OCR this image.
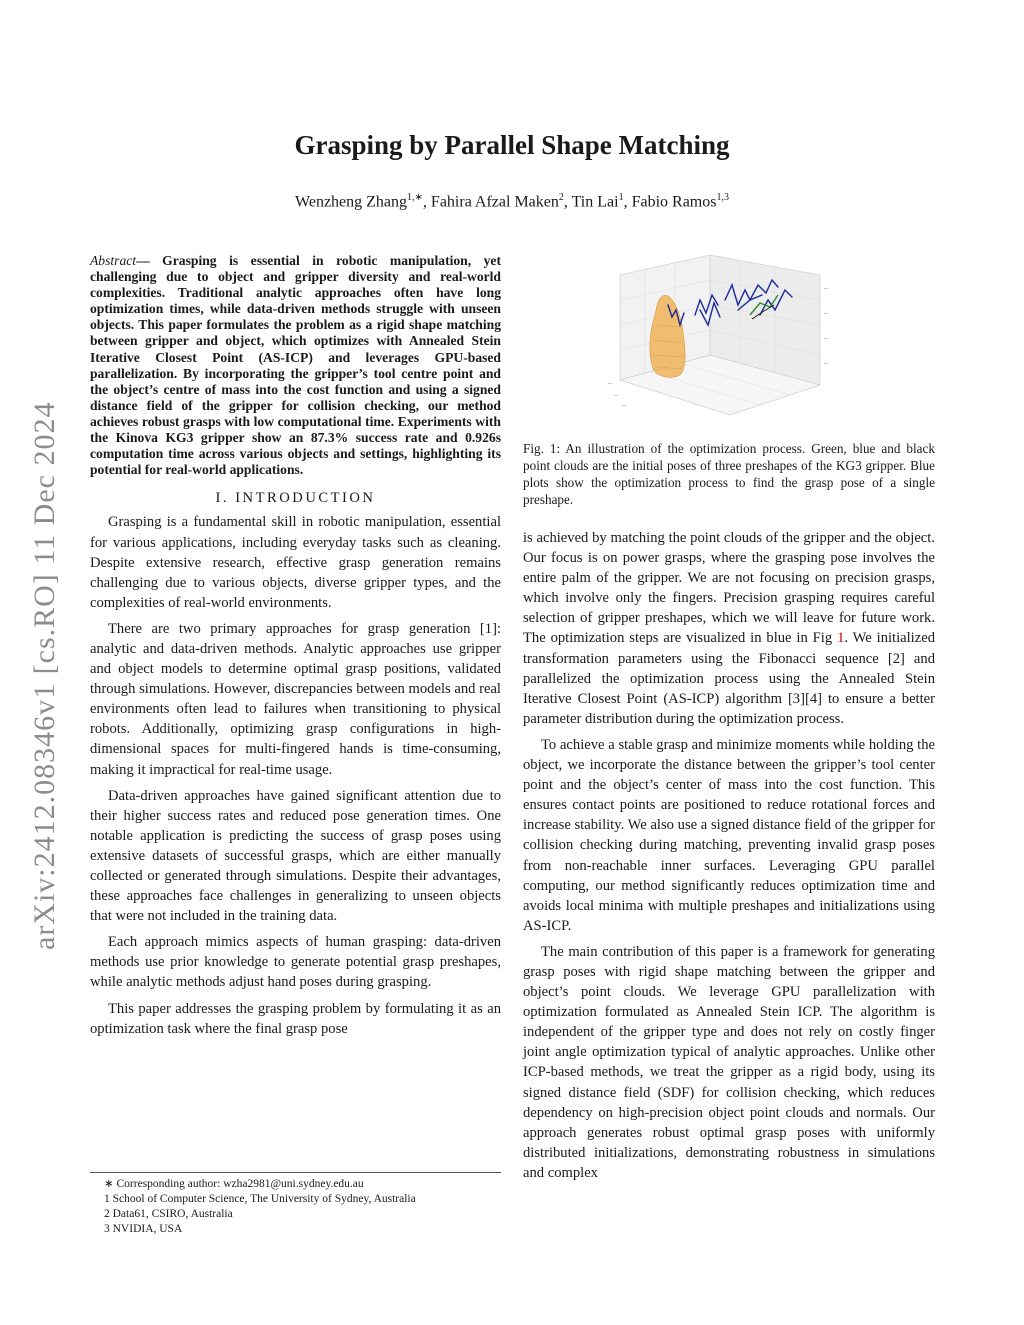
arXiv:2412.08346v1 [cs.RO] 11 Dec 2024
Grasping by Parallel Shape Matching
Wenzheng Zhang$^{1,∗}$, Fahira Afzal Maken$^2$, Tin Lai$^1$, Fabio Ramos$^{1,3}$
Abstract— Grasping is essential in robotic manipulation, yet challenging due to object and gripper diversity and real-world complexities. Traditional analytic approaches often have long optimization times, while data-driven methods struggle with unseen objects. This paper formulates the problem as a rigid shape matching between gripper and object, which optimizes with Annealed Stein Iterative Closest Point (AS-ICP) and leverages GPU-based parallelization. By incorporating the gripper’s tool centre point and the object’s centre of mass into the cost function and using a signed distance field of the gripper for collision checking, our method achieves robust grasps with low computational time. Experiments with the Kinova KG3 gripper show an 87.3% success rate and 0.926s computation time across various objects and settings, highlighting its potential for real-world applications.
I. INTRODUCTION

Grasping is a fundamental skill in robotic manipulation, essential for various applications, including everyday tasks such as cleaning. Despite extensive research, effective grasp generation remains challenging due to various objects, diverse gripper types, and the complexities of real-world environments.

There are two primary approaches for grasp generation [1]: analytic and data-driven methods. Analytic approaches use gripper and object models to determine optimal grasp positions, validated through simulations. However, discrepancies between models and real environments often lead to failures when transitioning to physical robots. Additionally, optimizing grasp configurations in high-dimensional spaces for multi-fingered hands is time-consuming, making it impractical for real-time usage.

Data-driven approaches have gained significant attention due to their higher success rates and reduced pose generation times. One notable application is predicting the success of grasp poses using extensive datasets of successful grasps, which are either manually collected or generated through simulations. Despite their advantages, these approaches face challenges in generalizing to unseen objects that were not included in the training data.

Each approach mimics aspects of human grasping: data-driven methods use prior knowledge to generate potential grasp preshapes, while analytic methods adjust hand poses during grasping.

This paper addresses the grasping problem by formulating it as an optimization task where the final grasp pose

∗ Corresponding author: wzha2981@uni.sydney.edu.au
1 School of Computer Science, The University of Sydney, Australia
2 Data61, CSIRO, Australia
3 NVIDIA, USA
—
—
—
—
—
—
—
Fig. 1: An illustration of the optimization process. Green, blue and black point clouds are the initial poses of three preshapes of the KG3 gripper. Blue plots show the optimization process to find the grasp pose of a single preshape.

is achieved by matching the point clouds of the gripper and the object. Our focus is on power grasps, where the grasping pose involves the entire palm of the gripper. We are not focusing on precision grasps, which involve only the fingers. Precision grasping requires careful selection of gripper preshapes, which we will leave for future work. The optimization steps are visualized in blue in Fig 1. We initialized transformation parameters using the Fibonacci sequence [2] and parallelized the optimization process using the Annealed Stein Iterative Closest Point (AS-ICP) algorithm [3][4] to ensure a better parameter distribution during the optimization process.

To achieve a stable grasp and minimize moments while holding the object, we incorporate the distance between the gripper’s tool center point and the object’s center of mass into the cost function. This ensures contact points are positioned to reduce rotational forces and increase stability. We also use a signed distance field of the gripper for collision checking during matching, preventing invalid grasp poses from non-reachable inner surfaces. Leveraging GPU parallel computing, our method significantly reduces optimization time and avoids local minima with multiple preshapes and initializations using AS-ICP.

The main contribution of this paper is a framework for generating grasp poses with rigid shape matching between the gripper and object’s point clouds. We leverage GPU parallelization with optimization formulated as Annealed Stein ICP. The algorithm is independent of the gripper type and does not rely on costly finger joint angle optimization typical of analytic approaches. Unlike other ICP-based methods, we treat the gripper as a rigid body, using its signed distance field (SDF) for collision checking, which reduces dependency on high-precision object point clouds and normals. Our approach generates robust optimal grasp poses with uniformly distributed initializations, demonstrating robustness in simulations and complex
